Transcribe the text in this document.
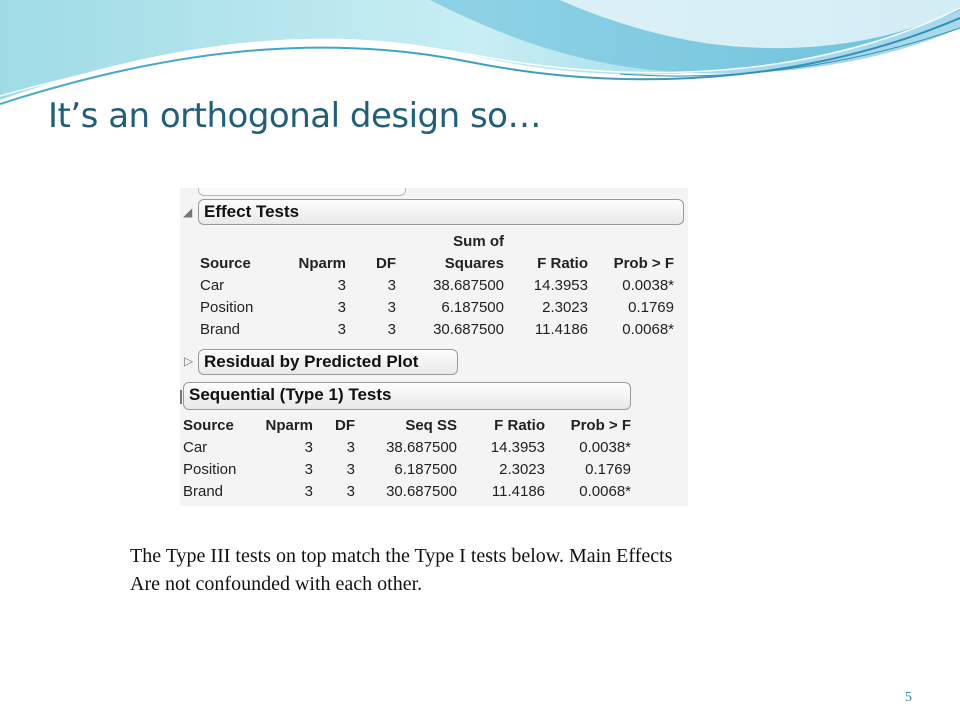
It’s an orthogonal design so…
◢ Effect Tests
			Sum of		
Source	Nparm	DF	Squares	F Ratio	Prob > F
Car	3	3	38.687500	14.3953	0.0038*
Position	3	3	6.187500	2.3023	0.1769
Brand	3	3	30.687500	11.4186	0.0068*
▷ Residual by Predicted Plot
Sequential (Type 1) Tests
Source	Nparm	DF	Seq SS	F Ratio	Prob > F
Car	3	3	38.687500	14.3953	0.0038*
Position	3	3	6.187500	2.3023	0.1769
Brand	3	3	30.687500	11.4186	0.0068*

The Type III tests on top match the Type I tests below. Main Effects
Are not confounded with each other.

5
